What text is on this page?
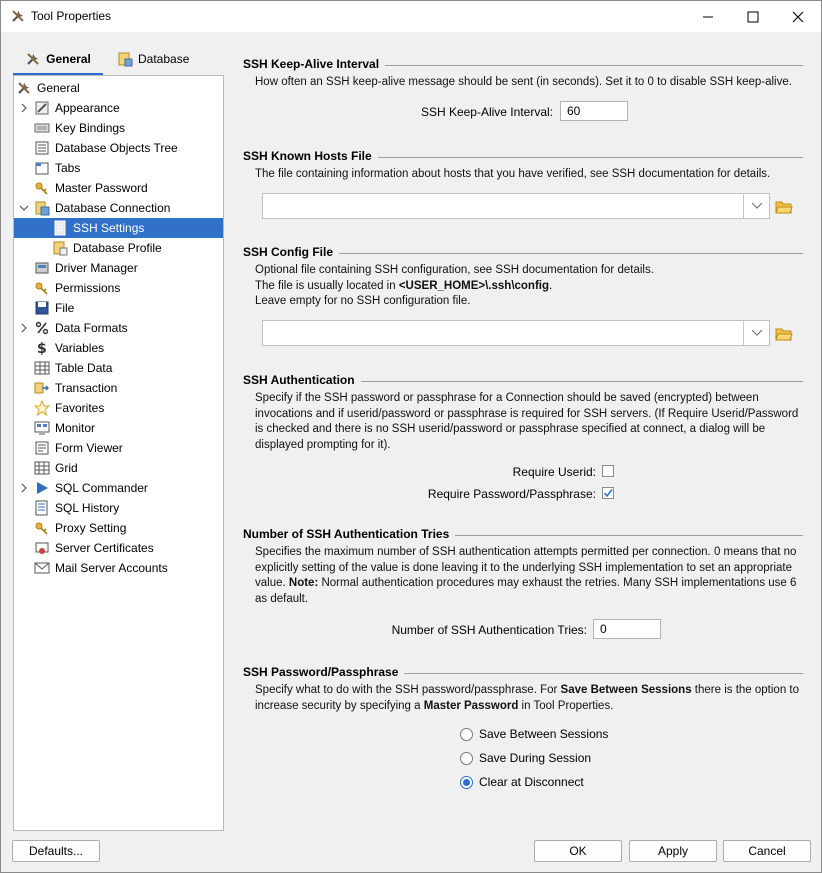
Tool Properties
General	Database
General
Appearance
Key Bindings
Database Objects Tree
Tabs
Master Password
Database Connection
SSH Settings
Database Profile
Driver Manager
Permissions
File
Data Formats
$ Variables
Table Data
Transaction
Favorites
Monitor
Form Viewer
Grid
SQL Commander
SQL History
Proxy Setting
Server Certificates
Mail Server Accounts
SSH Keep-Alive Interval
How often an SSH keep-alive message should be sent (in seconds). Set it to 0 to disable SSH keep-alive.
SSH Keep-Alive Interval:	60
SSH Known Hosts File
The file containing information about hosts that you have verified, see SSH documentation for details.
SSH Config File
Optional file containing SSH configuration, see SSH documentation for details.
The file is usually located in <USER_HOME>\.ssh\config.
Leave empty for no SSH configuration file.
SSH Authentication
Specify if the SSH password or passphrase for a Connection should be saved (encrypted) between invocations and if userid/password or passphrase is required for SSH servers. (If Require Userid/Password is checked and there is no SSH userid/password or passphrase specified at connect, a dialog will be displayed prompting for it).
Require Userid:
Require Password/Passphrase:
Number of SSH Authentication Tries
Specifies the maximum number of SSH authentication attempts permitted per connection. 0 means that no explicitly setting of the value is done leaving it to the underlying SSH implementation to set an appropriate value. Note: Normal authentication procedures may exhaust the retries. Many SSH implementations use 6 as default.
Number of SSH Authentication Tries:	0
SSH Password/Passphrase
Specify what to do with the SSH password/passphrase. For Save Between Sessions there is the option to increase security by specifying a Master Password in Tool Properties.
Save Between Sessions
Save During Session
Clear at Disconnect
Defaults...	OK	Apply	Cancel
